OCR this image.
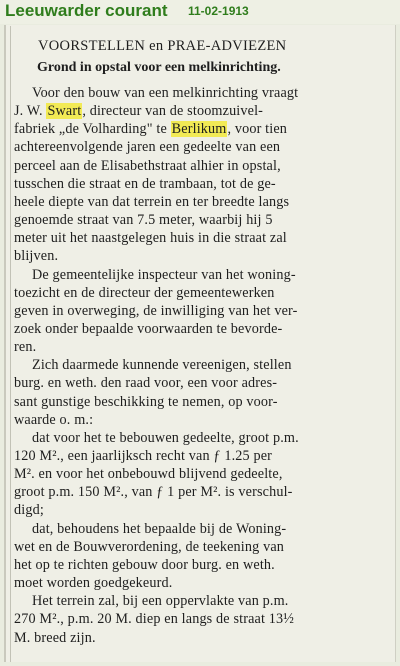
Leeuwarder courant 11-02-1913
VOORSTELLEN en PRAE-ADVIEZEN
Grond in opstal voor een melkinrichting.
Voor den bouw van een melkinrichting vraagt
J. W. Swart, directeur van de stoomzuivel-
fabriek „de Volharding" te Berlikum, voor tien
achtereenvolgende jaren een gedeelte van een
perceel aan de Elisabethstraat alhier in opstal,
tusschen die straat en de trambaan, tot de ge-
heele diepte van dat terrein en ter breedte langs
genoemde straat van 7.5 meter, waarbij hij 5
meter uit het naastgelegen huis in die straat zal
blijven.
De gemeentelijke inspecteur van het woning-
toezicht en de directeur der gemeentewerken
geven in overweging, de inwilliging van het ver-
zoek onder bepaalde voorwaarden te bevorde-
ren.
Zich daarmede kunnende vereenigen, stellen
burg. en weth. den raad voor, een voor adres-
sant gunstige beschikking te nemen, op voor-
waarde o. m.:
dat voor het te bebouwen gedeelte, groot p.m.
120 M²., een jaarlijksch recht van ƒ 1.25 per
M². en voor het onbebouwd blijvend gedeelte,
groot p.m. 150 M²., van ƒ 1 per M². is verschul-
digd;
dat, behoudens het bepaalde bij de Woning-
wet en de Bouwverordening, de teekening van
het op te richten gebouw door burg. en weth.
moet worden goedgekeurd.
Het terrein zal, bij een oppervlakte van p.m.
270 M²., p.m. 20 M. diep en langs de straat 13½
M. breed zijn.
